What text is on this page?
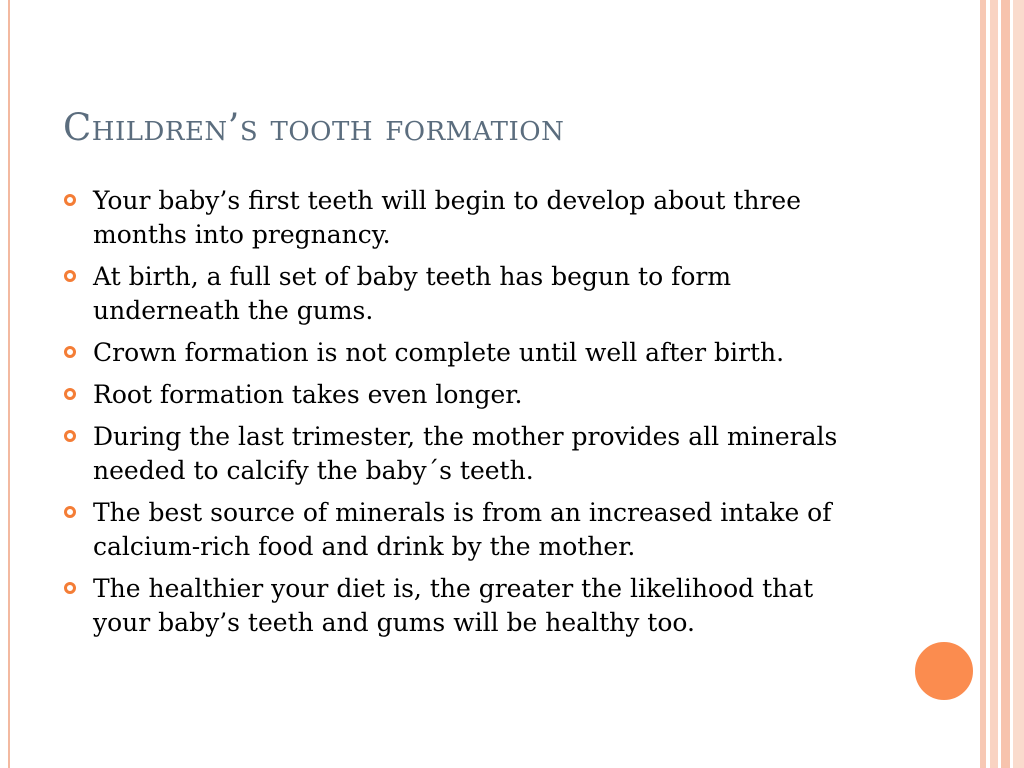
Children’s tooth formation
Your baby’s first teeth will begin to develop about three months into pregnancy.
At birth, a full set of baby teeth has begun to form underneath the gums.
Crown formation is not complete until well after birth.
Root formation takes even longer.
During the last trimester, the mother provides all minerals needed to calcify the baby´s teeth.
The best source of minerals is from an increased intake of calcium-rich food and drink by the mother.
The healthier your diet is, the greater the likelihood that your baby’s teeth and gums will be healthy too.
